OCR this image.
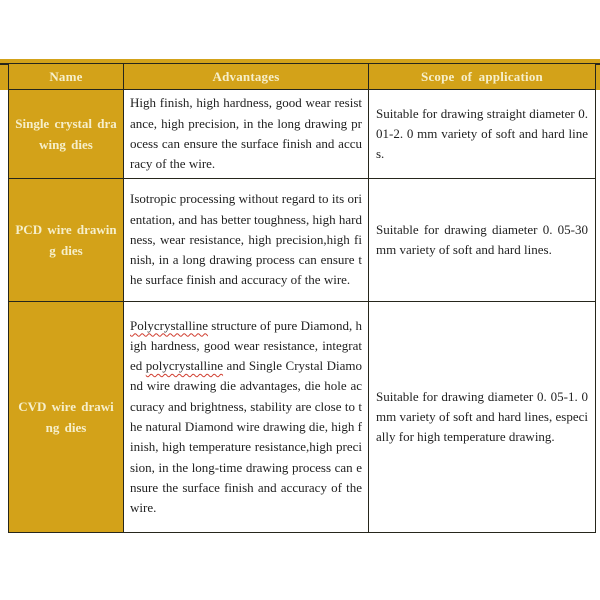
Name	Advantages	Scope of application
Single crystal drawing dies	High finish, high hardness, good wear resistance, high precision, in the long drawing process can ensure the surface finish and accuracy of the wire.	Suitable for drawing straight diameter 0. 01-2. 0 mm variety of soft and hard lines.
PCD wire drawing dies	Isotropic processing without regard to its orientation, and has better toughness, high hardness, wear resistance, high precision,high finish, in a long drawing process can ensure the surface finish and accuracy of the wire.	Suitable for drawing diameter 0. 05-30mm variety of soft and hard lines.
CVD wire drawing dies	Polycrystalline structure of pure Diamond, high hardness, good wear resistance, integrated polycrystalline and Single Crystal Diamond wire drawing die advantages, die hole accuracy and brightness, stability are close to the natural Diamond wire drawing die, high finish, high temperature resistance,high precision, in the long-time drawing process can ensure the surface finish and accuracy of the wire.	Suitable for drawing diameter 0. 05-1. 0 mm variety of soft and hard lines, especially for high temperature drawing.
